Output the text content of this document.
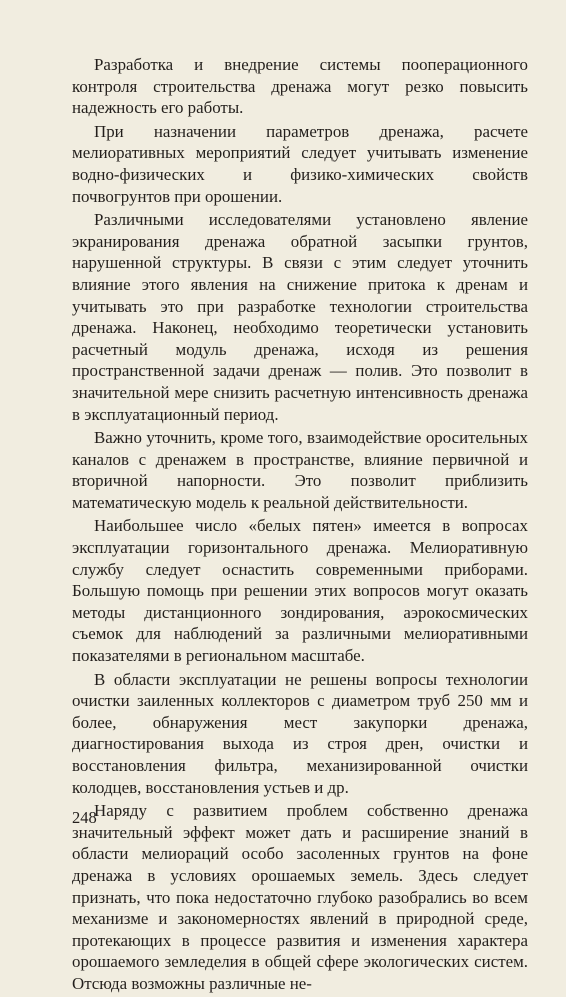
Разработка и внедрение системы пооперационного контроля строительства дренажа могут резко повысить надежность его работы.

При назначении параметров дренажа, расчете мелиоративных мероприятий следует учитывать изменение водно-физических и физико-химических свойств почвогрунтов при орошении.

Различными исследователями установлено явление экранирования дренажа обратной засыпки грунтов, нарушенной структуры. В связи с этим следует уточнить влияние этого явления на снижение притока к дренам и учитывать это при разработке технологии строительства дренажа. Наконец, необходимо теоретически установить расчетный модуль дренажа, исходя из решения пространственной задачи дренаж — полив. Это позволит в значительной мере снизить расчетную интенсивность дренажа в эксплуатационный период.

Важно уточнить, кроме того, взаимодействие оросительных каналов с дренажем в пространстве, влияние первичной и вторичной напорности. Это позволит приблизить математическую модель к реальной действительности.

Наибольшее число «белых пятен» имеется в вопросах эксплуатации горизонтального дренажа. Мелиоративную службу следует оснастить современными приборами. Большую помощь при решении этих вопросов могут оказать методы дистанционного зондирования, аэрокосмических съемок для наблюдений за различными мелиоративными показателями в региональном масштабе.

В области эксплуатации не решены вопросы технологии очистки заиленных коллекторов с диаметром труб 250 мм и более, обнаружения мест закупорки дренажа, диагностирования выхода из строя дрен, очистки и восстановления фильтра, механизированной очистки колодцев, восстановления устьев и др.

Наряду с развитием проблем собственно дренажа значительный эффект может дать и расширение знаний в области мелиораций особо засоленных грунтов на фоне дренажа в условиях орошаемых земель. Здесь следует признать, что пока недостаточно глубоко разобрались во всем механизме и закономерностях явлений в природной среде, протекающих в процессе развития и изменения характера орошаемого земледелия в общей сфере экологических систем. Отсюда возможны различные не-

248
